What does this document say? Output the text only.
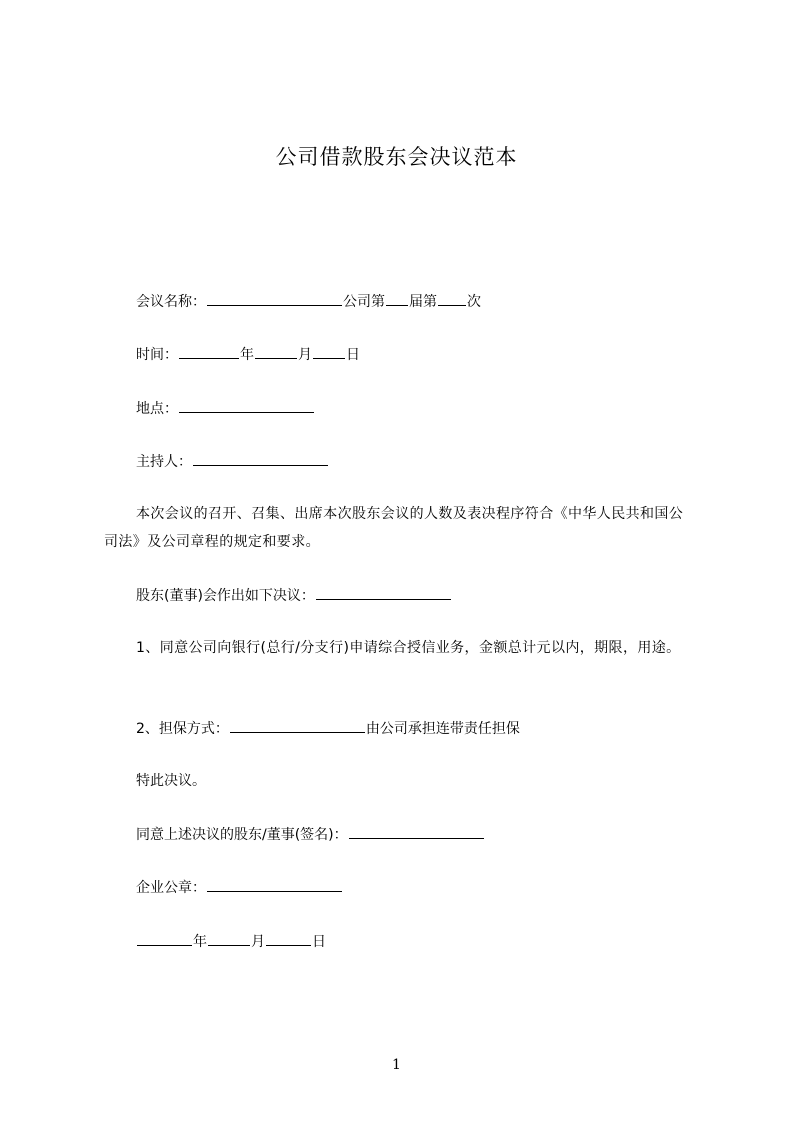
公司借款股东会决议范本

会议名称：	公司第 届第 次

时间：	年	月 日

地点：

主持人：

本次会议的召开、召集、出席本次股东会议的人数及表决程序符合《中华人民共和国公司法》及公司章程的规定和要求。

股东(董事)会作出如下决议：

1、同意公司向银行(总行/分支行)申请综合授信业务，金额总计元以内，期限，用途。

2、担保方式：	由公司承担连带责任担保

特此决议。

同意上述决议的股东/董事(签名)：

企业公章：

年	月	日

1
